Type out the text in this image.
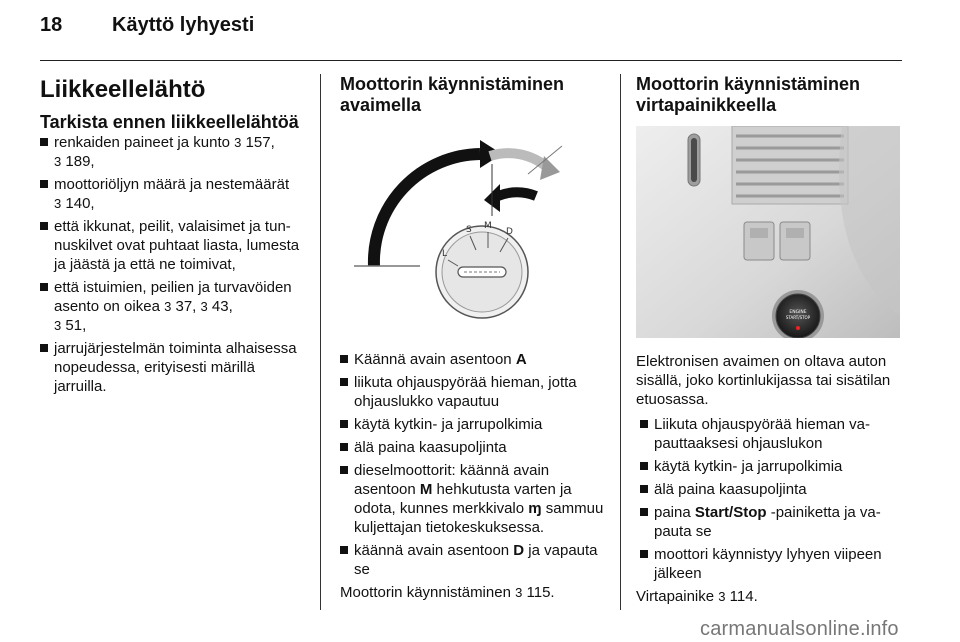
18 Käyttö lyhyesti
Liikkeellelähtö
Tarkista ennen liikkeellelähtöä
renkaiden paineet ja kunto 3 157,
3 189,
moottoriöljyn määrä ja nestemäärät
3 140,
että ikkunat, peilit, valaisimet ja tunnuskilvet ovat puhtaat liasta, lumesta ja jäästä ja että ne toimivat,
että istuimien, peilien ja turvavöiden asento on oikea 3 37, 3 43,
3 51,
jarrujärjestelmän toiminta alhaisessa nopeudessa, erityisesti märillä jarruilla.
Moottorin käynnistäminen avaimella
L
S M
D
Käännä avain asentoon A
liikuta ohjauspyörää hieman, jotta ohjauslukko vapautuu
käytä kytkin- ja jarrupolkimia
älä paina kaasupoljinta
dieselmoottorit: käännä avain asentoon M hehkutusta varten ja odota, kunnes merkkivalo ɱ sammuu kuljettajan tietokeskuksessa.
käännä avain asentoon D ja vapauta se

Moottorin käynnistäminen 3 115.

Moottorin käynnistäminen virtapainikkeella
ENGINE
START/STOP

Elektronisen avaimen on oltava auton sisällä, joko kortinlukijassa tai sisätilan etuosassa.

Liikuta ohjauspyörää hieman vapauttaaksesi ohjauslukon
käytä kytkin- ja jarrupolkimia
älä paina kaasupoljinta
paina Start/Stop -painiketta ja vapauta se
moottori käynnistyy lyhyen viipeen jälkeen

Virtapainike 3 114.

carmanualsonline.info
